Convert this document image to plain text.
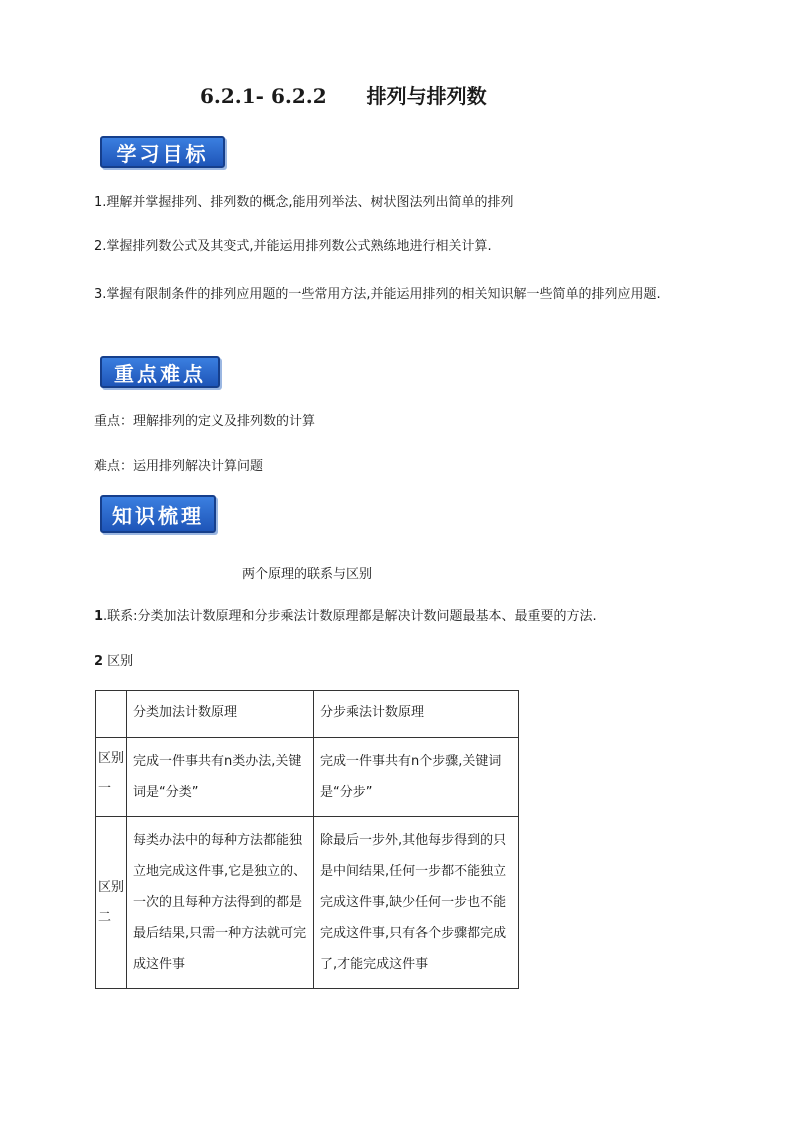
6.2.1- 6.2.2 排列与排列数
学习目标
1.理解并掌握排列、排列数的概念,能用列举法、树状图法列出简单的排列
2.掌握排列数公式及其变式,并能运用排列数公式熟练地进行相关计算.
3.掌握有限制条件的排列应用题的一些常用方法,并能运用排列的相关知识解一些简单的排列应用题.
重点难点
重点：理解排列的定义及排列数的计算
难点：运用排列解决计算问题
知识梳理
两个原理的联系与区别
1.联系:分类加法计数原理和分步乘法计数原理都是解决计数问题最基本、最重要的方法.
2 区别

	分类加法计数原理	分步乘法计数原理

区别一	完成一件事共有n类办法,关键词是“分类”	完成一件事共有n个步骤,关键词是“分步”

区别二	每类办法中的每种方法都能独立地完成这件事,它是独立的、一次的且每种方法得到的都是最后结果,只需一种方法就可完成这件事	除最后一步外,其他每步得到的只是中间结果,任何一步都不能独立完成这件事,缺少任何一步也不能完成这件事,只有各个步骤都完成了,才能完成这件事
